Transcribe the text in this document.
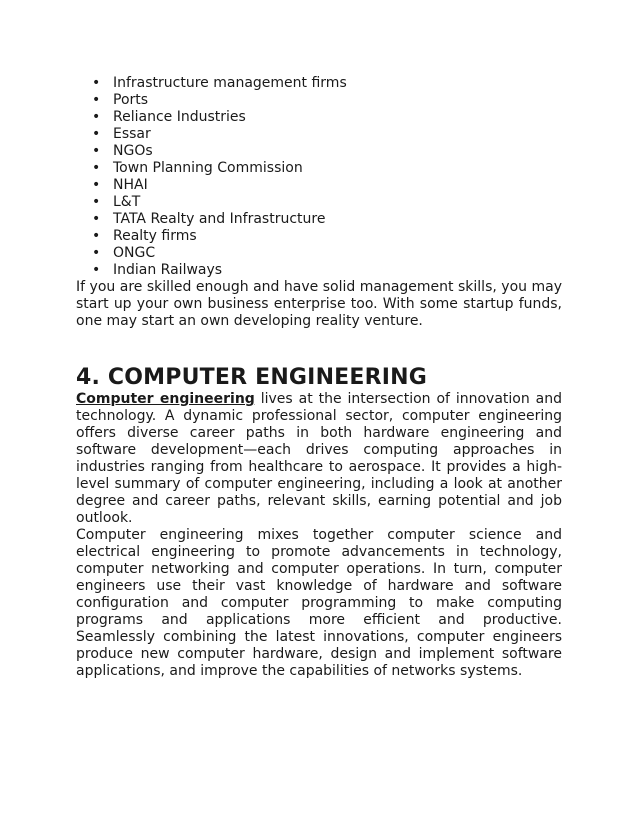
• Infrastructure management firms
• Ports
• Reliance Industries
• Essar
• NGOs
• Town Planning Commission
• NHAI
• L&T
• TATA Realty and Infrastructure
• Realty firms
• ONGC
• Indian Railways

If you are skilled enough and have solid management skills, you may start up your own business enterprise too. With some startup funds, one may start an own developing reality venture.

4. COMPUTER ENGINEERING

Computer engineering lives at the intersection of innovation and technology. A dynamic professional sector, computer engineering offers diverse career paths in both hardware engineering and software development—each drives computing approaches in industries ranging from healthcare to aerospace. It provides a high-level summary of computer engineering, including a look at another degree and career paths, relevant skills, earning potential and job outlook.

Computer engineering mixes together computer science and electrical engineering to promote advancements in technology, computer networking and computer operations. In turn, computer engineers use their vast knowledge of hardware and software configuration and computer programming to make computing programs and applications more efficient and productive. Seamlessly combining the latest innovations, computer engineers produce new computer hardware, design and implement software applications, and improve the capabilities of networks systems.
